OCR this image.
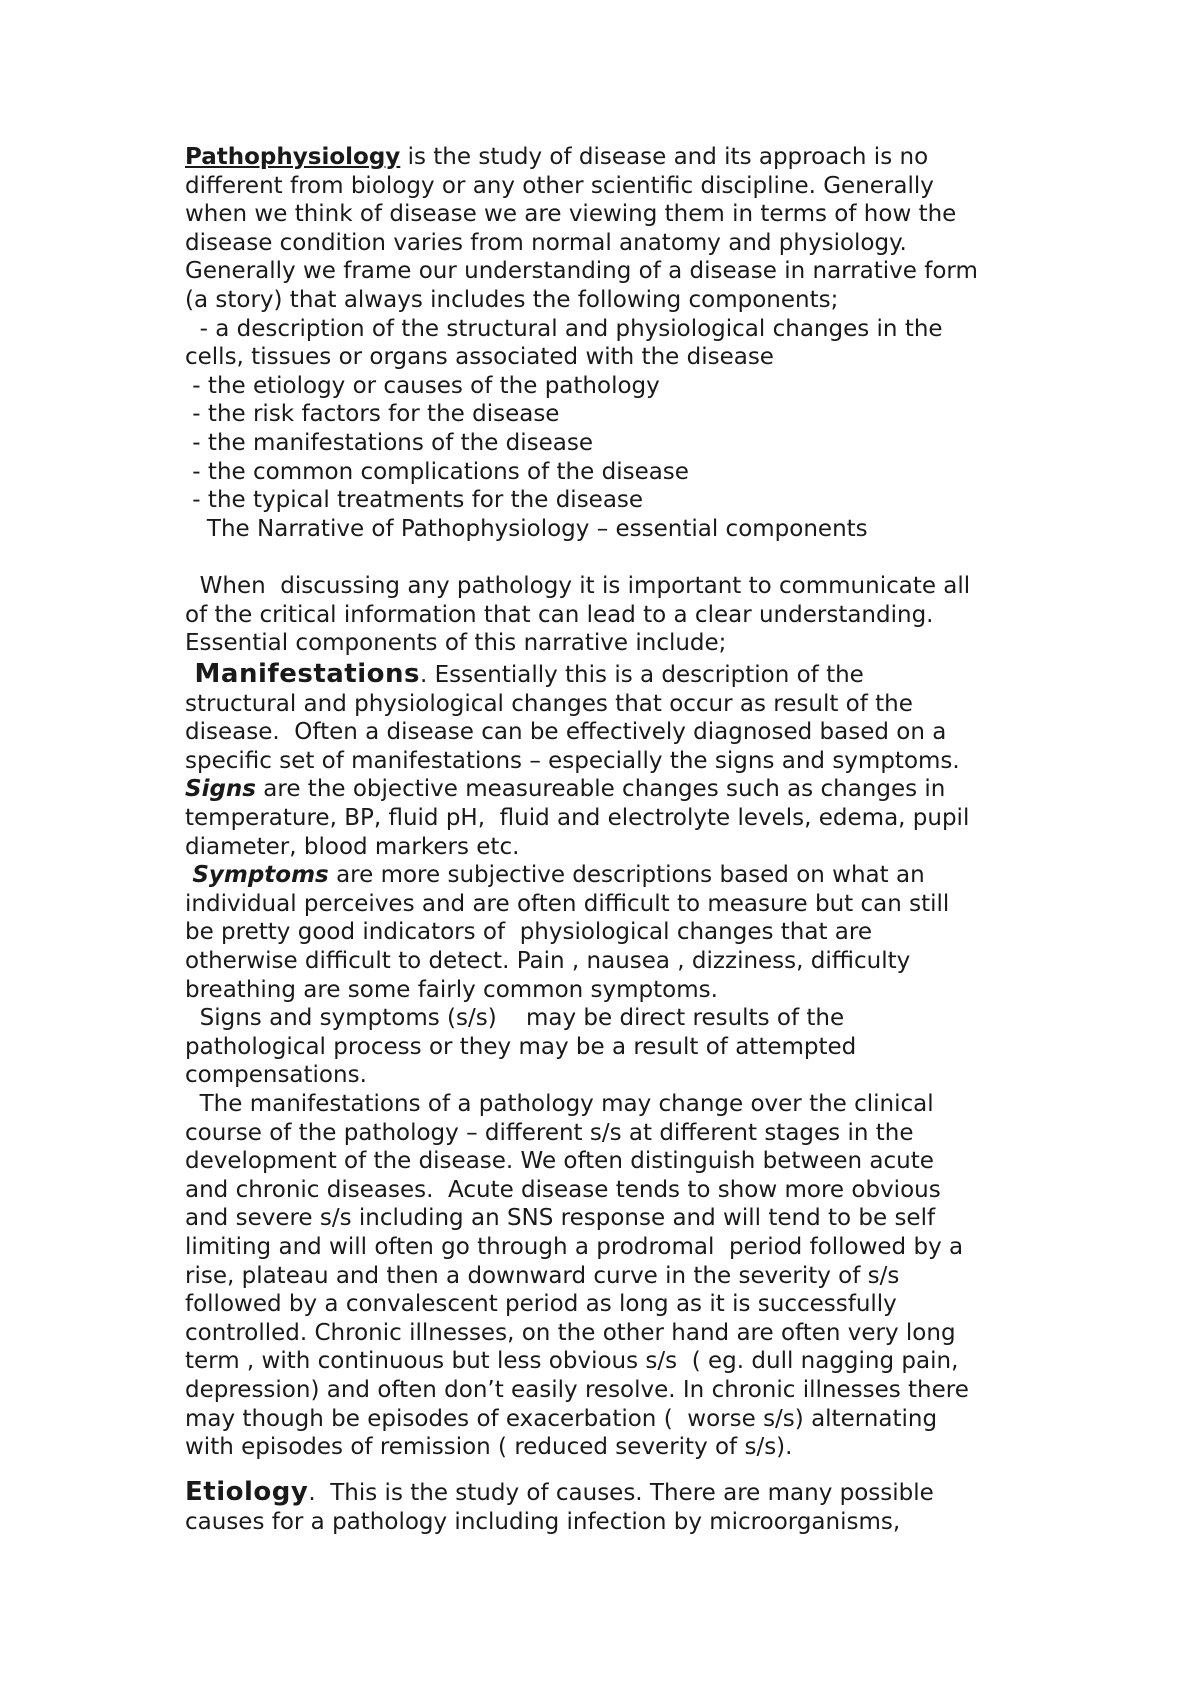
Pathophysiology is the study of disease and its approach is no
different from biology or any other scientific discipline. Generally
when we think of disease we are viewing them in terms of how the
disease condition varies from normal anatomy and physiology.
Generally we frame our understanding of a disease in narrative form
(a story) that always includes the following components;
- a description of the structural and physiological changes in the
cells, tissues or organs associated with the disease
- the etiology or causes of the pathology
- the risk factors for the disease
- the manifestations of the disease
- the common complications of the disease
- the typical treatments for the disease
The Narrative of Pathophysiology – essential components
When  discussing any pathology it is important to communicate all
of the critical information that can lead to a clear understanding.
Essential components of this narrative include;
Manifestations. Essentially this is a description of the
structural and physiological changes that occur as result of the
disease.  Often a disease can be effectively diagnosed based on a
specific set of manifestations – especially the signs and symptoms.
Signs are the objective measureable changes such as changes in
temperature, BP, fluid pH,  fluid and electrolyte levels, edema, pupil
diameter, blood markers etc.
Symptoms are more subjective descriptions based on what an
individual perceives and are often difficult to measure but can still
be pretty good indicators of  physiological changes that are
otherwise difficult to detect. Pain , nausea , dizziness, difficulty
breathing are some fairly common symptoms.
Signs and symptoms (s/s)    may be direct results of the
pathological process or they may be a result of attempted
compensations.
The manifestations of a pathology may change over the clinical
course of the pathology – different s/s at different stages in the
development of the disease. We often distinguish between acute
and chronic diseases.  Acute disease tends to show more obvious
and severe s/s including an SNS response and will tend to be self
limiting and will often go through a prodromal  period followed by a
rise, plateau and then a downward curve in the severity of s/s
followed by a convalescent period as long as it is successfully
controlled. Chronic illnesses, on the other hand are often very long
term , with continuous but less obvious s/s  ( eg. dull nagging pain,
depression) and often don’t easily resolve. In chronic illnesses there
may though be episodes of exacerbation (  worse s/s) alternating
with episodes of remission ( reduced severity of s/s).
Etiology.  This is the study of causes. There are many possible
causes for a pathology including infection by microorganisms,
